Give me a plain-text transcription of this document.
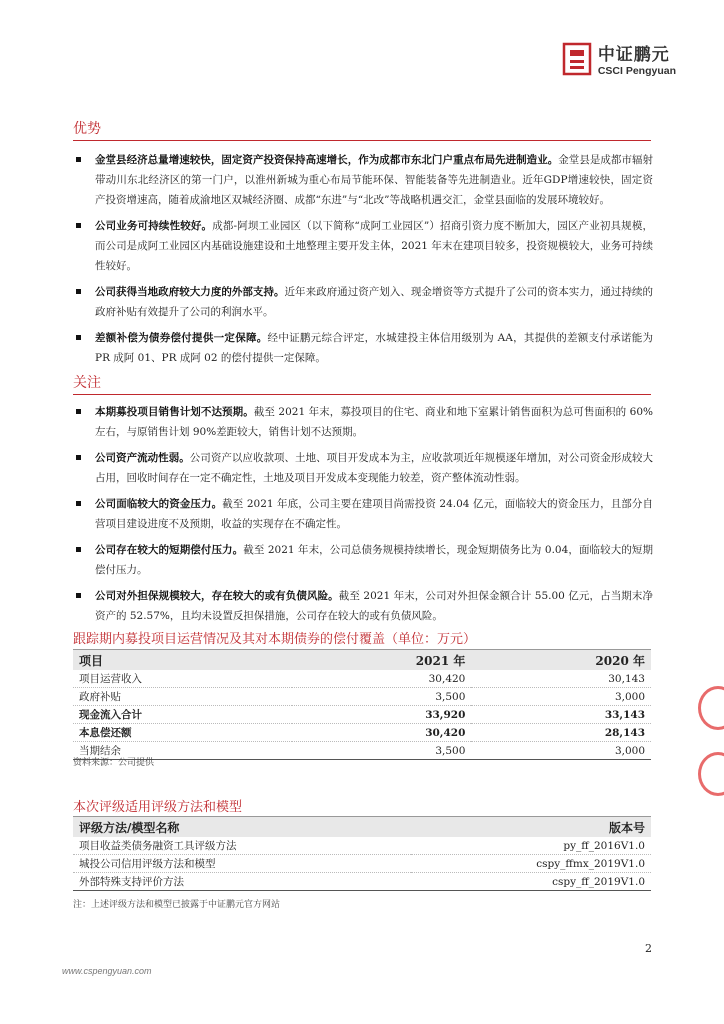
中证鹏元
CSCI Pengyuan
优势
金堂县经济总量增速较快，固定资产投资保持高速增长，作为成都市东北门户重点布局先进制造业。金堂县是成都市辐射带动川东北经济区的第一门户，以淮州新城为重心布局节能环保、智能装备等先进制造业。近年GDP增速较快，固定资产投资增速高，随着成渝地区双城经济圈、成都“东进”与“北改”等战略机遇交汇，金堂县面临的发展环境较好。
公司业务可持续性较好。成都-阿坝工业园区（以下简称“成阿工业园区”）招商引资力度不断加大，园区产业初具规模，而公司是成阿工业园区内基础设施建设和土地整理主要开发主体，2021 年末在建项目较多，投资规模较大，业务可持续性较好。
公司获得当地政府较大力度的外部支持。近年来政府通过资产划入、现金增资等方式提升了公司的资本实力，通过持续的政府补贴有效提升了公司的利润水平。
差额补偿为债券偿付提供一定保障。经中证鹏元综合评定，水城建投主体信用级别为 AA，其提供的差额支付承诺能为 PR 成阿 01、PR 成阿 02 的偿付提供一定保障。
关注
本期募投项目销售计划不达预期。截至 2021 年末，募投项目的住宅、商业和地下室累计销售面积为总可售面积的 60%左右，与原销售计划 90%差距较大，销售计划不达预期。
公司资产流动性弱。公司资产以应收款项、土地、项目开发成本为主，应收款项近年规模逐年增加，对公司资金形成较大占用，回收时间存在一定不确定性，土地及项目开发成本变现能力较差，资产整体流动性弱。
公司面临较大的资金压力。截至 2021 年底，公司主要在建项目尚需投资 24.04 亿元，面临较大的资金压力，且部分自营项目建设进度不及预期，收益的实现存在不确定性。
公司存在较大的短期偿付压力。截至 2021 年末，公司总债务规模持续增长，现金短期债务比为 0.04，面临较大的短期偿付压力。
公司对外担保规模较大，存在较大的或有负债风险。截至 2021 年末，公司对外担保金额合计 55.00 亿元，占当期末净资产的 52.57%，且均未设置反担保措施，公司存在较大的或有负债风险。
跟踪期内募投项目运营情况及其对本期债券的偿付覆盖（单位：万元）
项目	2021 年	2020 年
项目运营收入	30,420	30,143
政府补贴	3,500	3,000
现金流入合计	33,920	33,143
本息偿还额	30,420	28,143
当期结余	3,500	3,000
资料来源：公司提供
本次评级适用评级方法和模型
评级方法/模型名称	版本号
项目收益类债务融资工具评级方法	py_ff_2016V1.0
城投公司信用评级方法和模型	cspy_ffmx_2019V1.0
外部特殊支持评价方法	cspy_ff_2019V1.0
注：上述评级方法和模型已披露于中证鹏元官方网站
2
www.cspengyuan.com
